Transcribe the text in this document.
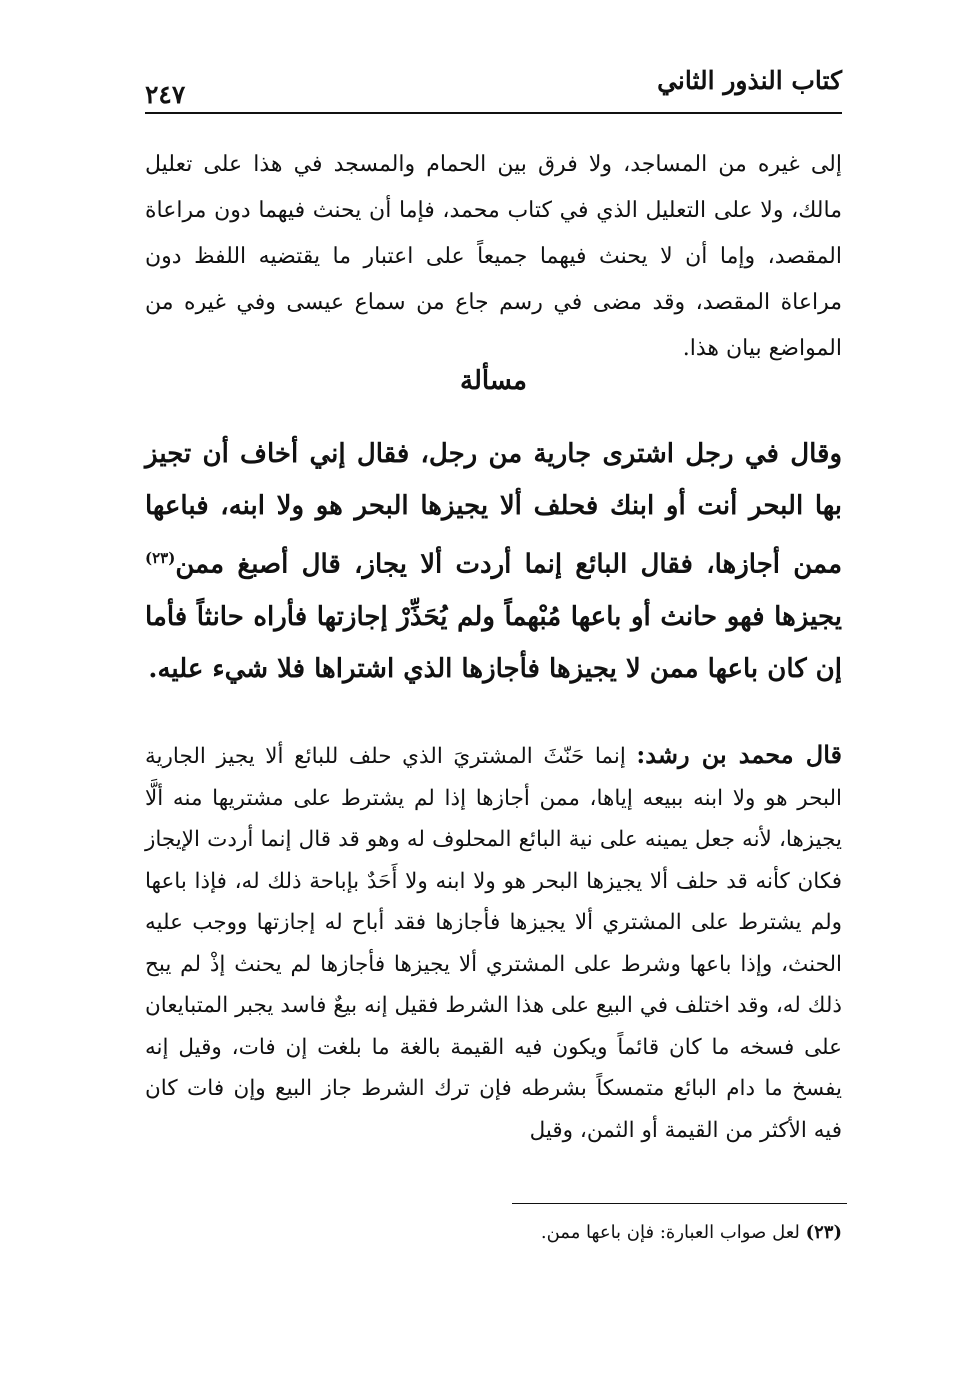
كتاب النذور الثاني

٢٤٧

إلى غيره من المساجد، ولا فرق بين الحمام والمسجد في هذا على تعليل مالك، ولا على التعليل الذي في كتاب محمد، فإما أن يحنث فيهما دون مراعاة المقصد، وإما أن لا يحنث فيهما جميعاً على اعتبار ما يقتضيه اللفظ دون مراعاة المقصد، وقد مضى في رسم جاع من سماع عيسى وفي غيره من المواضع بيان هذا.

مسألة

وقال في رجل اشترى جارية من رجل، فقال إني أخاف أن تجيز بها البحر أنت أو ابنك فحلف ألا يجيزها البحر هو ولا ابنه، فباعها ممن أجازها، فقال البائع إنما أردت ألا يجاز، قال أصبغ ممن$^{(٢٣)}$ يجيزها فهو حانث أو باعها مُبْهماً ولم يُحَذِّرْ إجازتها فأراه حانثاً فأما إن كان باعها ممن لا يجيزها فأجازها الذي اشتراها فلا شيء عليه.

قال محمد بن رشد: إنما حَنّثَ المشتريَ الذي حلف للبائع ألا يجيز الجارية البحر هو ولا ابنه ببيعه إياها، ممن أجازها إذا لم يشترط على مشتريها منه ألَّا يجيزها، لأنه جعل يمينه على نية البائع المحلوف له وهو قد قال إنما أردت الإيجاز فكان كأنه قد حلف ألا يجيزها البحر هو ولا ابنه ولا أَحَدٌ بإباحة ذلك له، فإذا باعها ولم يشترط على المشتري ألا يجيزها فأجازها فقد أباح له إجازتها ووجب عليه الحنث، وإذا باعها وشرط على المشتري ألا يجيزها فأجازها لم يحنث إذْ لم يبح ذلك له، وقد اختلف في البيع على هذا الشرط فقيل إنه بيعٌ فاسد يجبر المتبايعان على فسخه ما كان قائماً ويكون فيه القيمة بالغة ما بلغت إن فات، وقيل إنه يفسخ ما دام البائع متمسكاً بشرطه فإن ترك الشرط جاز البيع وإن فات كان فيه الأكثر من القيمة أو الثمن، وقيل

(٢٣) لعل صواب العبارة: فإن باعها ممن.
